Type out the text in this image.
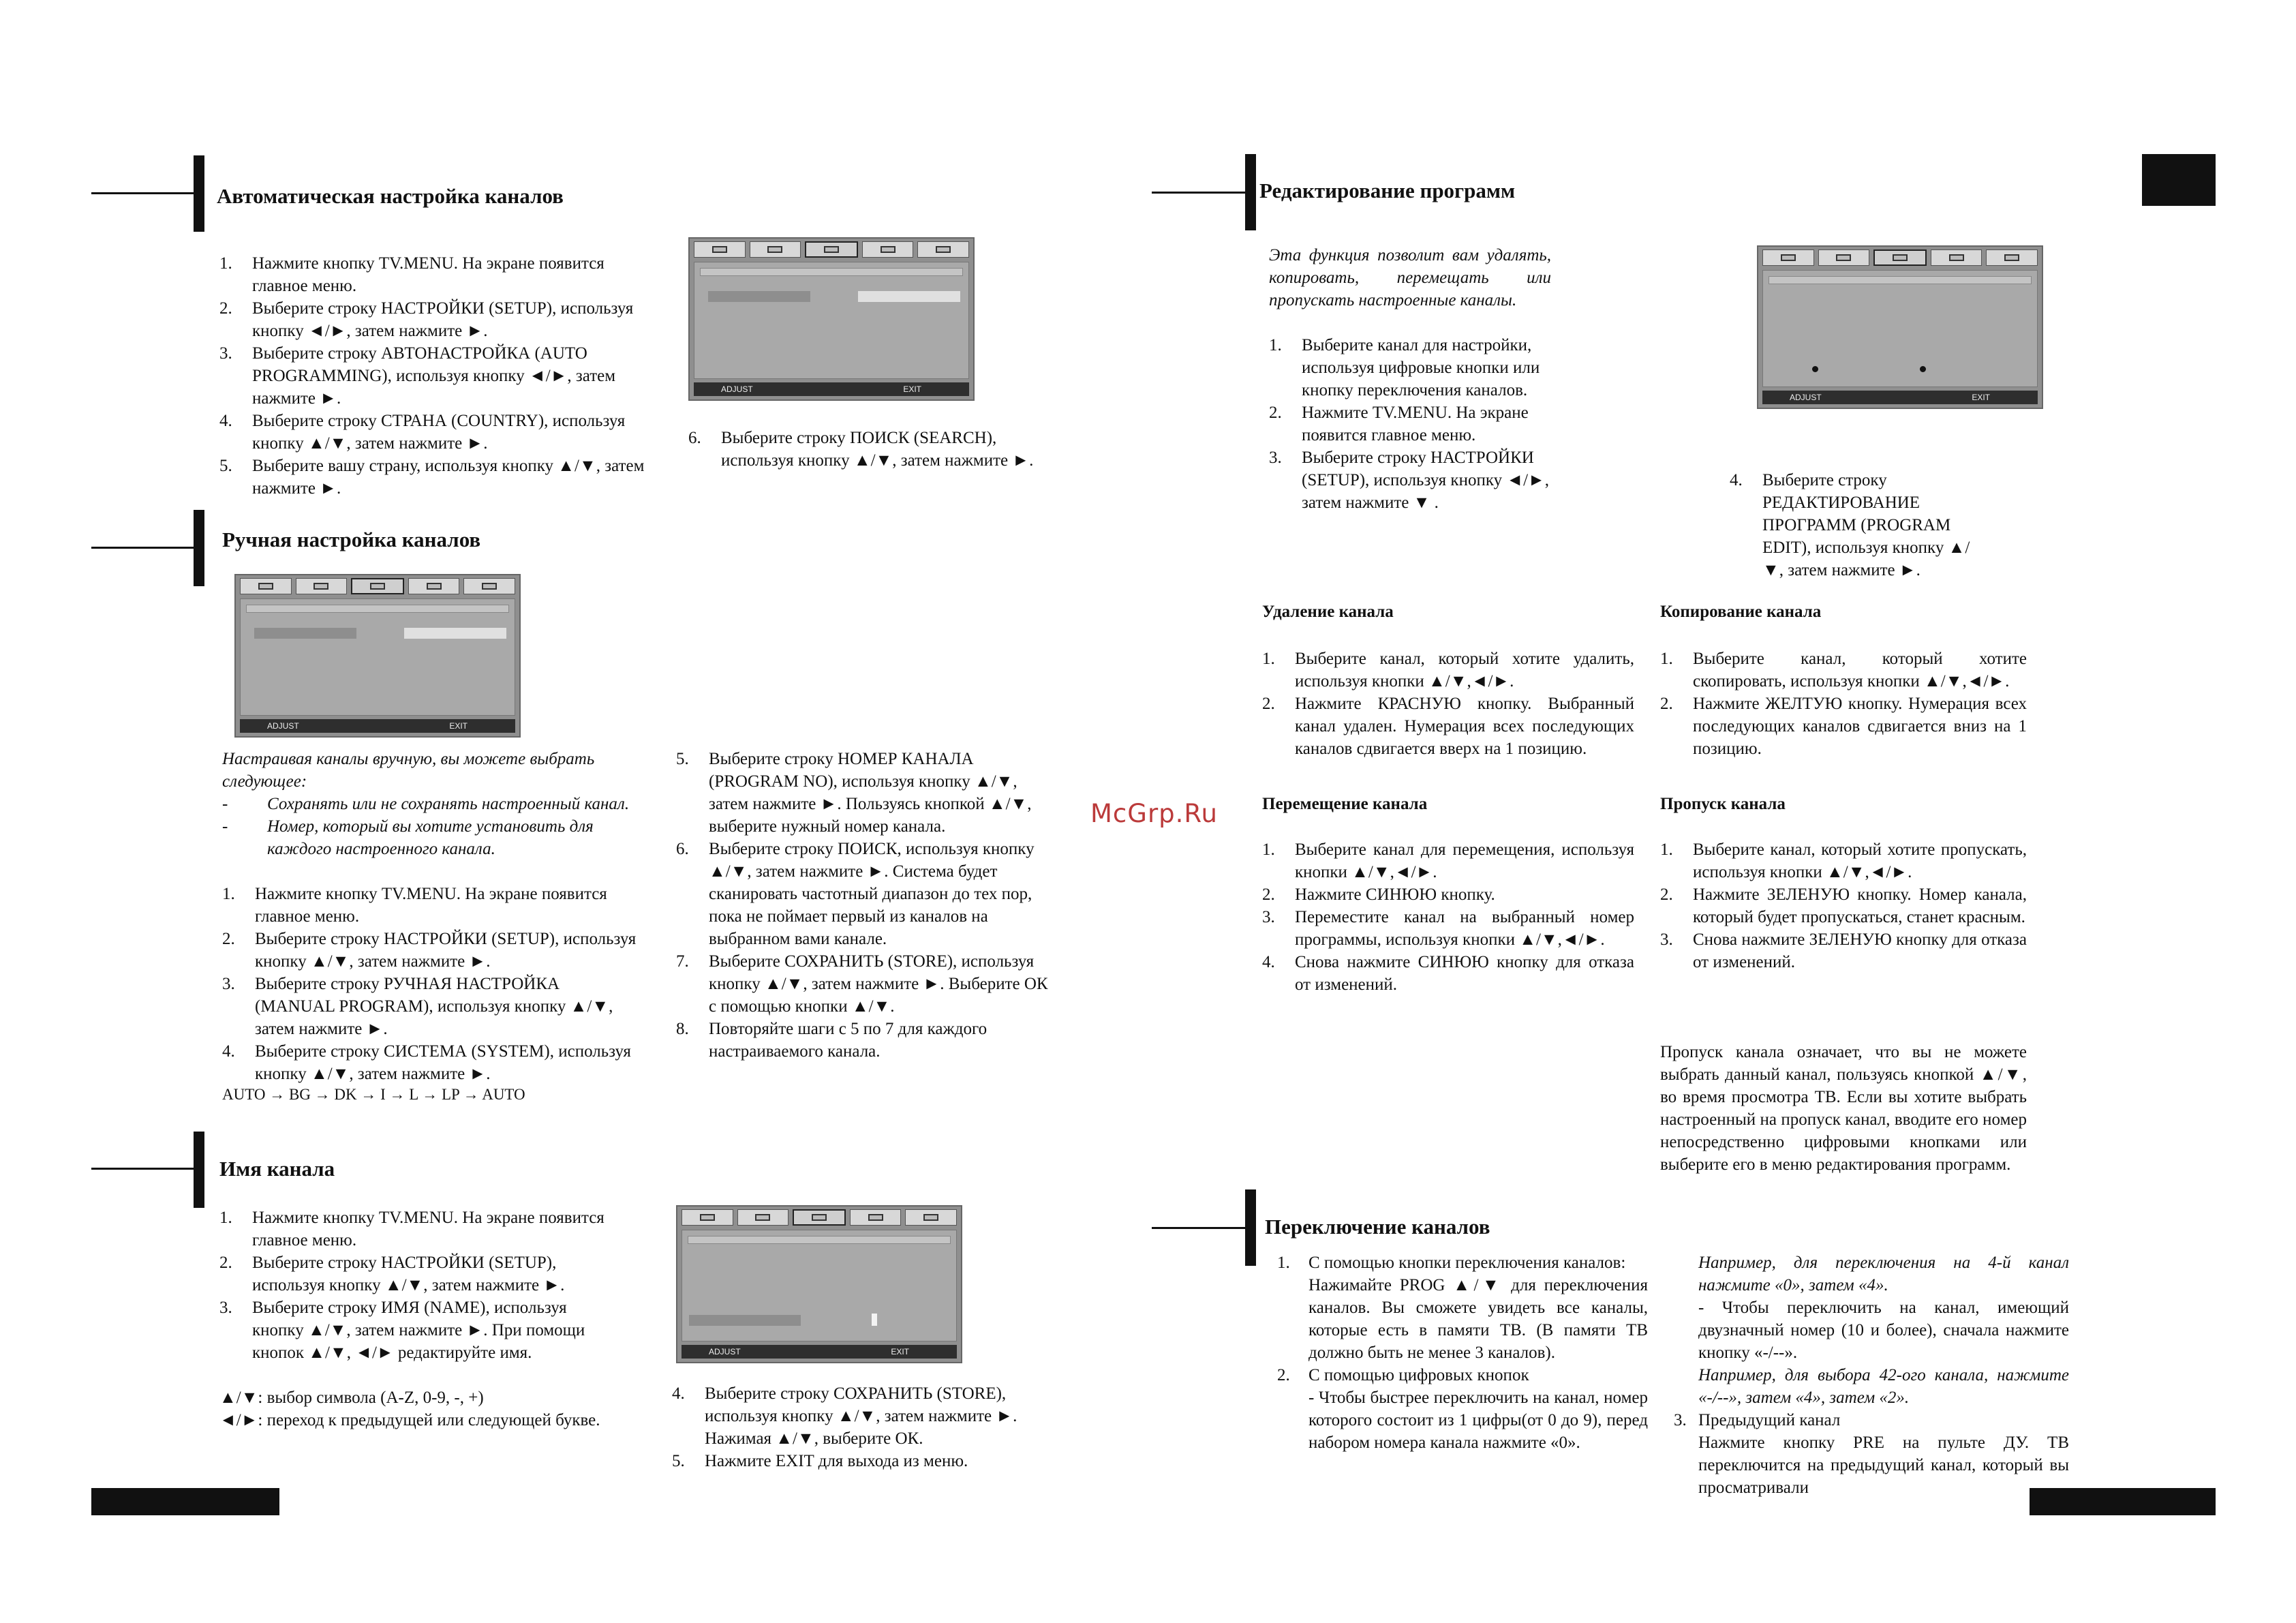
ADJUST	EXIT
ADJUST	EXIT
ADJUST	EXIT
ADJUST	EXIT
Автоматическая настройка каналов
1. Нажмите кнопку TV.MENU. На экране появится главное меню.
2. Выберите строку НАСТРОЙКИ (SETUP), используя кнопку ◄/►, затем нажмите ►.
3. Выберите строку АВТОНАСТРОЙКА (AUTO PROGRAMMING), используя кнопку ◄/►, затем нажмите ►.
4. Выберите строку СТРАНА (COUNTRY), используя кнопку ▲/▼, затем нажмите ►.
5. Выберите вашу страну, используя кнопку ▲/▼, затем нажмите ►.
6. Выберите строку ПОИСК (SEARCH), используя кнопку ▲/▼, затем нажмите ►.
Ручная настройка каналов

Настраивая каналы вручную, вы можете выбрать следующее:

- Сохранять или не сохранять настроенный канал.
- Номер, который вы хотите установить для каждого настроенного канала.
1. Нажмите кнопку TV.MENU. На экране появится главное меню.
2. Выберите строку НАСТРОЙКИ (SETUP), используя кнопку ▲/▼, затем нажмите ►.
3. Выберите строку РУЧНАЯ НАСТРОЙКА (MANUAL PROGRAM), используя кнопку ▲/▼, затем нажмите ►.
4. Выберите строку СИСТЕМА (SYSTEM), используя кнопку ▲/▼, затем нажмите ►.
AUTO → BG → DK → I → L → LP → AUTO
5. Выберите строку НОМЕР КАНАЛА (PROGRAM NO), используя кнопку ▲/▼, затем нажмите ►. Пользуясь кнопкой ▲/▼, выберите нужный номер канала.
6. Выберите строку ПОИСК, используя кнопку ▲/▼, затем нажмите ►. Система будет сканировать частотный диапазон до тех пор, пока не поймает первый из каналов на выбранном вами канале.
7. Выберите СОХРАНИТЬ (STORE), используя кнопку ▲/▼, затем нажмите ►. Выберите ОК с помощью кнопки ▲/▼.
8. Повторяйте шаги с 5 по 7 для каждого настраиваемого канала.
Имя канала
1. Нажмите кнопку TV.MENU. На экране появится главное меню.
2. Выберите строку НАСТРОЙКИ (SETUP), используя кнопку ▲/▼, затем нажмите ►.
3. Выберите строку ИМЯ (NAME), используя кнопку ▲/▼, затем нажмите ►. При помощи кнопок ▲/▼, ◄/► редактируйте имя.

▲/▼: выбор символа (A-Z, 0-9, -, +)

◄/►: переход к предыдущей или следующей букве.

4. Выберите строку СОХРАНИТЬ (STORE), используя кнопку ▲/▼, затем нажмите ►. Нажимая ▲/▼, выберите ОК.
5. Нажмите EXIT для выхода из меню.
McGrp.Ru
Редактирование программ

Эта функция позволит вам удалять, копировать, перемещать или пропускать настроенные каналы.

1. Выберите канал для настройки, используя цифровые кнопки или кнопку переключения каналов.
2. Нажмите TV.MENU. На экране появится главное меню.
3. Выберите строку НАСТРОЙКИ (SETUP), используя кнопку ◄/►, затем нажмите ▼ .
4. Выберите строку РЕДАКТИРОВАНИЕ ПРОГРАММ (PROGRAM EDIT), используя кнопку ▲/▼, затем нажмите ►.
Удаление канала
1. Выберите канал, который хотите удалить, используя кнопки ▲/▼,◄/►.
2. Нажмите КРАСНУЮ кнопку. Выбранный канал удален. Нумерация всех последующих каналов сдвигается вверх на 1 позицию.
Копирование канала
1. Выберите канал, который хотите скопировать, используя кнопки ▲/▼,◄/►.
2. Нажмите ЖЕЛТУЮ кнопку. Нумерация всех последующих каналов сдвигается вниз на 1 позицию.
Перемещение канала
1. Выберите канал для перемещения, используя кнопки ▲/▼,◄/►.
2. Нажмите СИНЮЮ кнопку.
3. Переместите канал на выбранный номер программы, используя кнопки ▲/▼,◄/►.
4. Снова нажмите СИНЮЮ кнопку для отказа от изменений.
Пропуск канала
1. Выберите канал, который хотите пропускать, используя кнопки ▲/▼,◄/►.
2. Нажмите ЗЕЛЕНУЮ кнопку. Номер канала, который будет пропускаться, станет красным.
3. Снова нажмите ЗЕЛЕНУЮ кнопку для отказа от изменений.
Пропуск канала означает, что вы не можете выбрать данный канал, пользуясь кнопкой ▲/▼, во время просмотра ТВ. Если вы хотите выбрать настроенный на пропуск канал, вводите его номер непосредственно цифровыми кнопками или выберите его в меню редактирования программ.
Переключение каналов
1. С помощью кнопки переключения каналов:

Нажимайте PROG ▲/▼ для переключения каналов. Вы сможете увидеть все каналы, которые есть в памяти ТВ. (В памяти ТВ должно быть не менее 3 каналов).

2. С помощью цифровых кнопок

- Чтобы быстрее переключить на канал, номер которого состоит из 1 цифры(от 0 до 9), перед набором номера канала нажмите «0».

Например, для переключения на 4-й канал нажмите «0», затем «4».

- Чтобы переключить на канал, имеющий двузначный номер (10 и более), сначала нажмите кнопку «-/--».

Например, для выбора 42-ого канала, нажмите «-/--», затем «4», затем «2».

3. Предыдущий канал

Нажмите кнопку PRE на пульте ДУ. ТВ переключится на предыдущий канал, который вы просматривали
